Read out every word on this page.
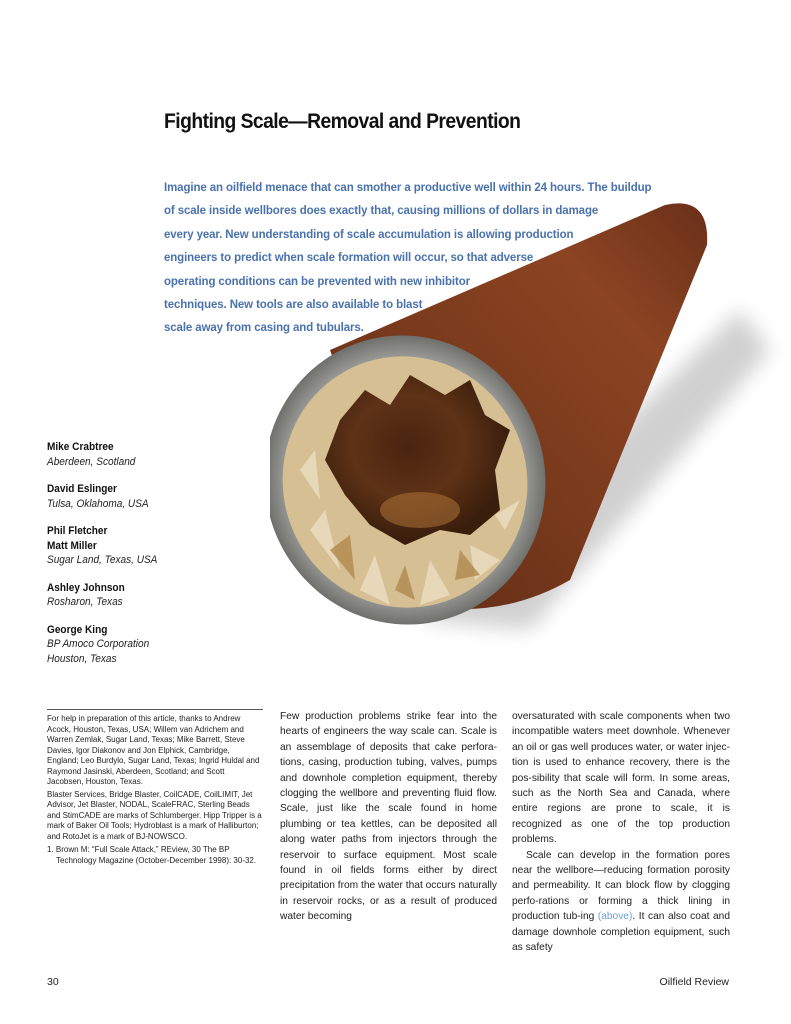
Fighting Scale—Removal and Prevention
Imagine an oilfield menace that can smother a productive well within 24 hours. The buildup
of scale inside wellbores does exactly that, causing millions of dollars in damage
every year. New understanding of scale accumulation is allowing production
engineers to predict when scale formation will occur, so that adverse
operating conditions can be prevented with new inhibitor
techniques. New tools are also available to blast
scale away from casing and tubulars.
Mike Crabtree
Aberdeen, Scotland
David Eslinger
Tulsa, Oklahoma, USA
Phil Fletcher
Matt Miller
Sugar Land, Texas, USA
Ashley Johnson
Rosharon, Texas
George King
BP Amoco Corporation
Houston, Texas

For help in preparation of this article, thanks to Andrew Acock, Houston, Texas, USA; Willem van Adrichem and Warren Zemlak, Sugar Land, Texas; Mike Barrett, Steve Davies, Igor Diakonov and Jon Elphick, Cambridge, England; Leo Burdylo, Sugar Land, Texas; Ingrid Huldal and Raymond Jasinski, Aberdeen, Scotland; and Scott Jacobsen, Houston, Texas.

Blaster Services, Bridge Blaster, CoilCADE, CoilLIMIT, Jet Advisor, Jet Blaster, NODAL, ScaleFRAC, Sterling Beads and StimCADE are marks of Schlumberger. Hipp Tripper is a mark of Baker Oil Tools; Hydroblast is a mark of Halliburton; and RotoJet is a mark of BJ-NOWSCO.

1. Brown M: “Full Scale Attack,” REview, 30 The BP Technology Magazine (October-December 1998): 30-32.

Few production problems strike fear into the hearts of engineers the way scale can. Scale is an assemblage of deposits that cake perfora-tions, casing, production tubing, valves, pumps and downhole completion equipment, thereby clogging the wellbore and preventing fluid flow. Scale, just like the scale found in home plumbing or tea kettles, can be deposited all along water paths from injectors through the reservoir to surface equipment. Most scale found in oil fields forms either by direct precipitation from the water that occurs naturally in reservoir rocks, or as a result of produced water becoming

oversaturated with scale components when two incompatible waters meet downhole. Whenever an oil or gas well produces water, or water injec-tion is used to enhance recovery, there is the pos-sibility that scale will form. In some areas, such as the North Sea and Canada, where entire regions are prone to scale, it is recognized as one of the top production problems.

Scale can develop in the formation pores near the wellbore—reducing formation porosity and permeability. It can block flow by clogging perfo-rations or forming a thick lining in production tub-ing (above). It can also coat and damage downhole completion equipment, such as safety

30	Oilfield Review
